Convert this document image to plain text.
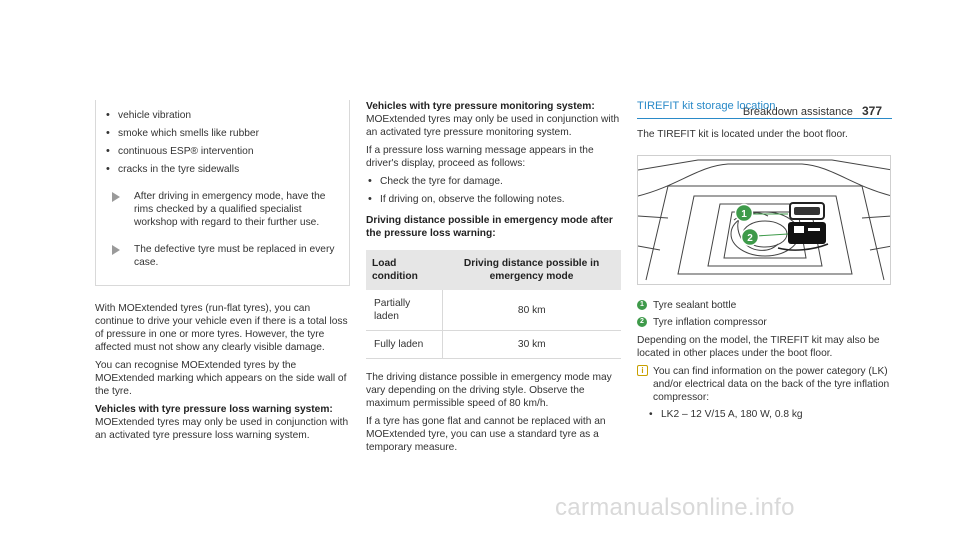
Breakdown assistance 377
• vehicle vibration
• smoke which smells like rubber
• continuous ESP® intervention
• cracks in the tyre sidewalls
After driving in emergency mode, have the rims checked by a qualified specialist workshop with regard to their further use.
The defective tyre must be replaced in every case.

With MOExtended tyres (run-flat tyres), you can continue to drive your vehicle even if there is a total loss of pressure in one or more tyres. However, the tyre affected must not show any clearly visible damage.

You can recognise MOExtended tyres by the MOExtended marking which appears on the side wall of the tyre.

Vehicles with tyre pressure loss warning system:
MOExtended tyres may only be used in conjunction with an activated tyre pressure loss warning system.

Vehicles with tyre pressure monitoring system:
MOExtended tyres may only be used in conjunction with an activated tyre pressure monitoring system.

If a pressure loss warning message appears in the driver's display, proceed as follows:

• Check the tyre for damage.
• If driving on, observe the following notes.

Driving distance possible in emergency mode after the pressure loss warning:

Load condition	Driving distance possible in emergency mode
Partially laden	80 km
Fully laden	30 km

The driving distance possible in emergency mode may vary depending on the driving style. Observe the maximum permissible speed of 80 km/h.

If a tyre has gone flat and cannot be replaced with an MOExtended tyre, you can use a standard tyre as a temporary measure.

TIREFIT kit storage location

The TIREFIT kit is located under the boot floor.

1
2
1 Tyre sealant bottle
2 Tyre inflation compressor

Depending on the model, the TIREFIT kit may also be located in other places under the boot floor.

i You can find information on the power category (LK) and/or electrical data on the back of the tyre inflation compressor:
• LK2 – 12 V/15 A, 180 W, 0.8 kg
carmanualsonline.info
